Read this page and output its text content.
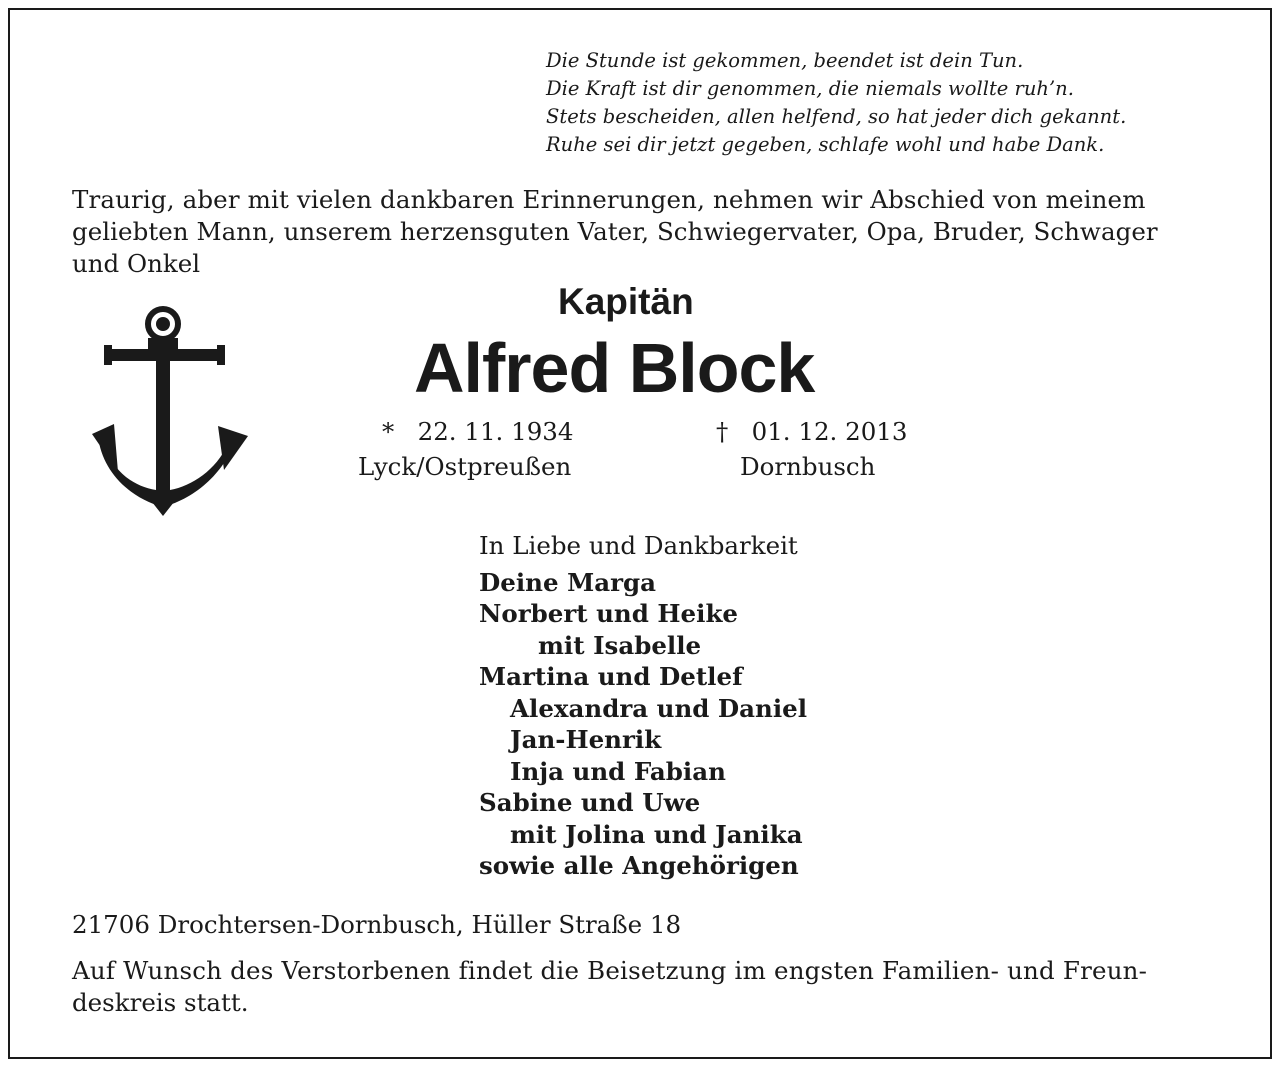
Die Stunde ist gekommen, beendet ist dein Tun.
Die Kraft ist dir genommen, die niemals wollte ruh’n.
Stets bescheiden, allen helfend, so hat jeder dich gekannt.
Ruhe sei dir jetzt gegeben, schlafe wohl und habe Dank.
Traurig, aber mit vielen dankbaren Erinnerungen, nehmen wir Abschied von meinem
geliebten Mann, unserem herzensguten Vater, Schwiegervater, Opa, Bruder, Schwager
und Onkel
Kapitän
Alfred Block
* 22. 11. 1934
Lyck/Ostpreußen
† 01. 12. 2013
Dornbusch
In Liebe und Dankbarkeit
Deine Marga
Norbert und Heike
mit Isabelle
Martina und Detlef
Alexandra und Daniel
Jan-Henrik
Inja und Fabian
Sabine und Uwe
mit Jolina und Janika
sowie alle Angehörigen
21706 Drochtersen-Dornbusch, Hüller Straße 18
Auf Wunsch des Verstorbenen findet die Beisetzung im engsten Familien- und Freun-
deskreis statt.
